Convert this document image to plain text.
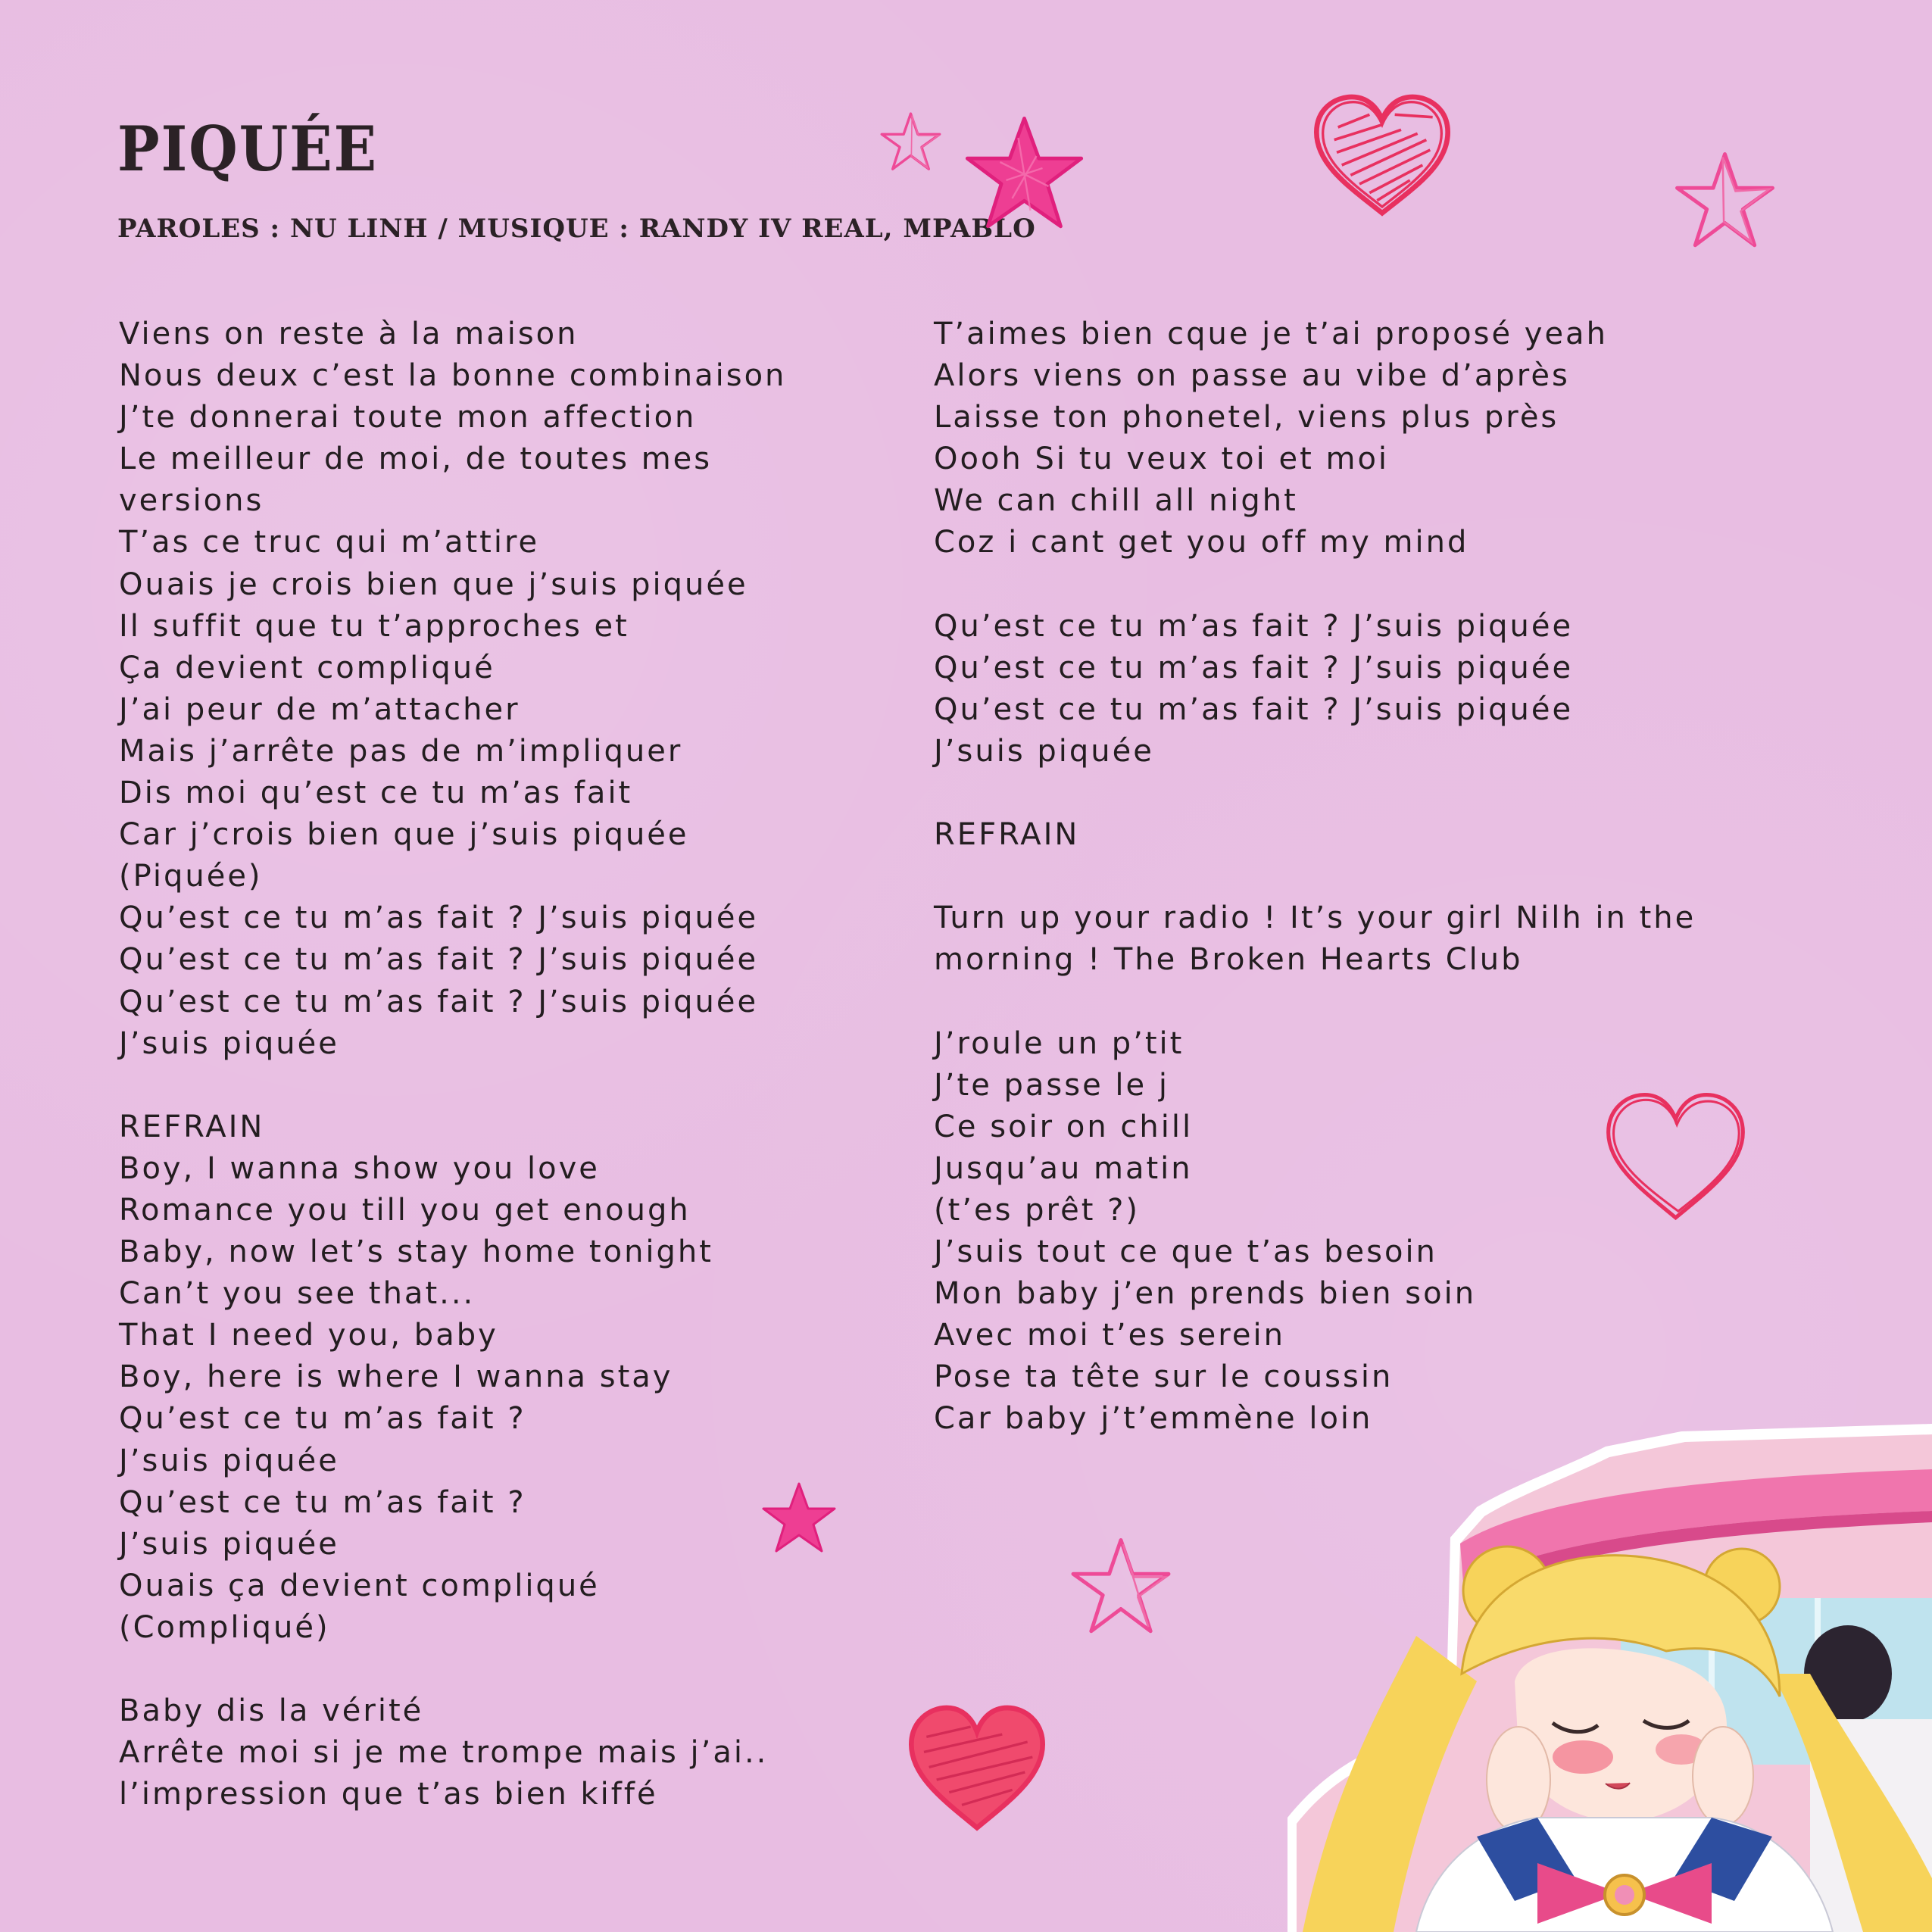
PIQUÉE

PAROLES : NU LINH / MUSIQUE : RANDY IV REAL, MPABLO

Viens on reste à la maison
Nous deux c’est la bonne combinaison
J’te donnerai toute mon affection
Le meilleur de moi, de toutes mes
versions
T’as ce truc qui m’attire
Ouais je crois bien que j’suis piquée
Il suffit que tu t’approches et
Ça devient compliqué
J’ai peur de m’attacher
Mais j’arrête pas de m’impliquer
Dis moi qu’est ce tu m’as fait
Car j’crois bien que j’suis piquée
(Piquée)
Qu’est ce tu m’as fait ? J’suis piquée
Qu’est ce tu m’as fait ? J’suis piquée
Qu’est ce tu m’as fait ? J’suis piquée
J’suis piquée
REFRAIN
Boy, I wanna show you love
Romance you till you get enough
Baby, now let’s stay home tonight
Can’t you see that...
That I need you, baby
Boy, here is where I wanna stay
Qu’est ce tu m’as fait ?
J’suis piquée
Qu’est ce tu m’as fait ?
J’suis piquée
Ouais ça devient compliqué
(Compliqué)
Baby dis la vérité
Arrête moi si je me trompe mais j’ai..
l’impression que t’as bien kiffé
T’aimes bien cque je t’ai proposé yeah
Alors viens on passe au vibe d’après
Laisse ton phonetel, viens plus près
Oooh Si tu veux toi et moi
We can chill all night
Coz i cant get you off my mind
Qu’est ce tu m’as fait ? J’suis piquée
Qu’est ce tu m’as fait ? J’suis piquée
Qu’est ce tu m’as fait ? J’suis piquée
J’suis piquée
REFRAIN
Turn up your radio ! It’s your girl Nilh in the
morning ! The Broken Hearts Club
J’roule un p’tit
J’te passe le j
Ce soir on chill
Jusqu’au matin
(t’es prêt ?)
J’suis tout ce que t’as besoin
Mon baby j’en prends bien soin
Avec moi t’es serein
Pose ta tête sur le coussin
Car baby j’t’emmène loin
